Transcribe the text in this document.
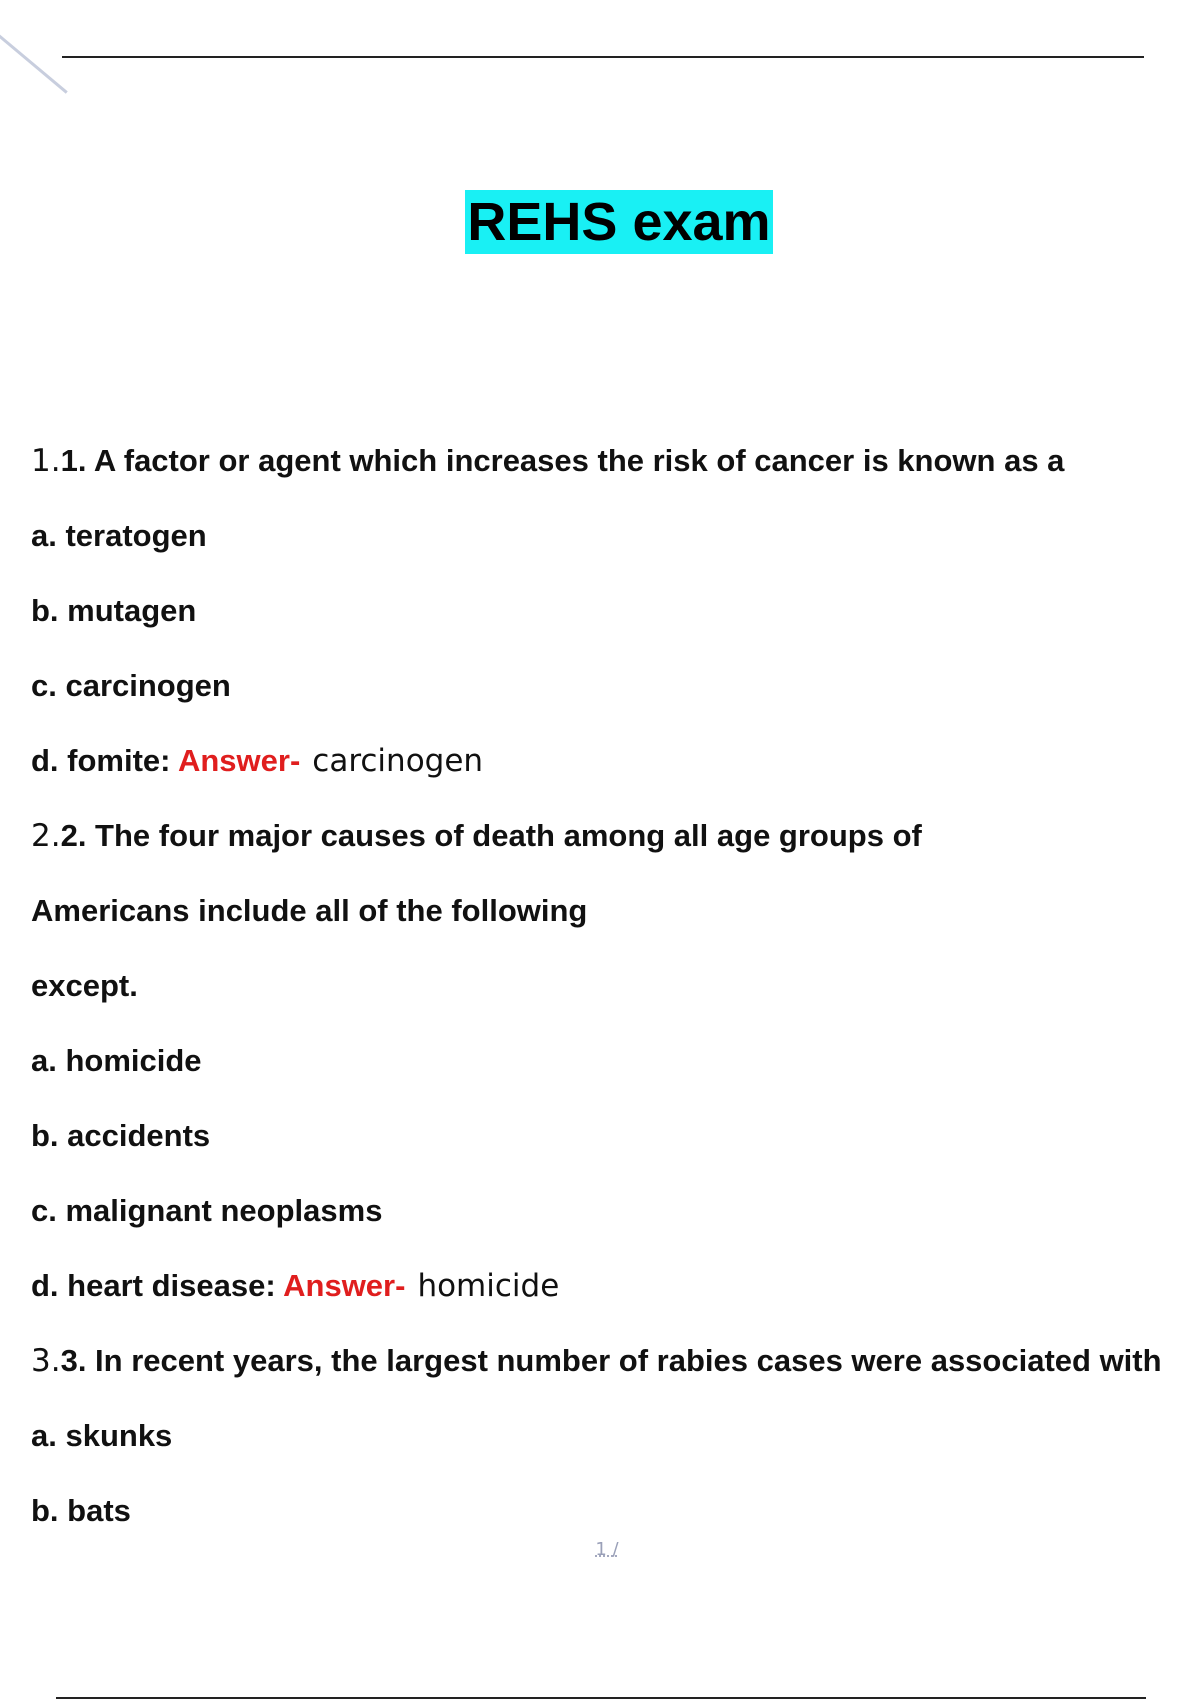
REHS exam
1.1. A factor or agent which increases the risk of cancer is known as a
a. teratogen
b. mutagen
c. carcinogen
d. fomite: Answer- carcinogen
2.2. The four major causes of death among all age groups of
Americans include all of the following
except.
a. homicide
b. accidents
c. malignant neoplasms
d. heart disease: Answer- homicide
3.3. In recent years, the largest number of rabies cases were associated with
a. skunks
b. bats
1 /
